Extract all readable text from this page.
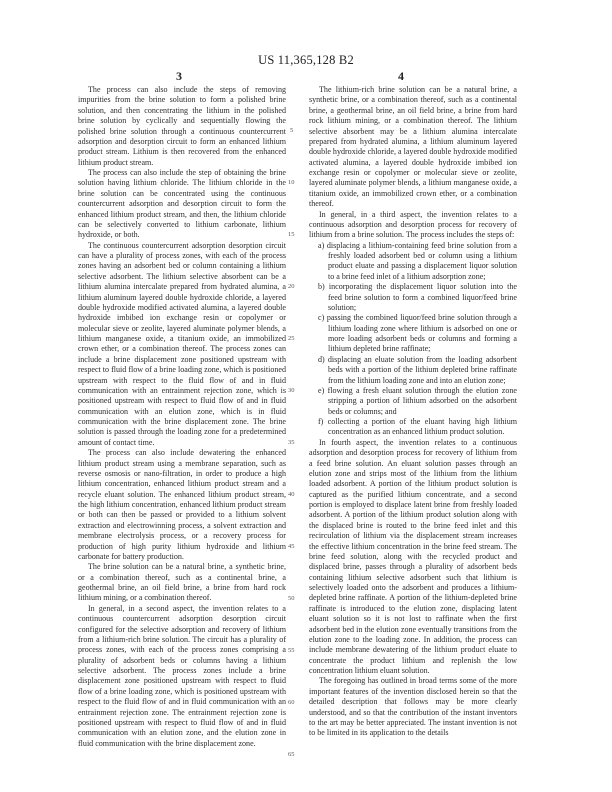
US 11,365,128 B2
3	4

The process can also include the steps of removing impurities from the brine solution to form a polished brine solution, and then concentrating the lithium in the polished brine solution by cyclically and sequentially flowing the polished brine solution through a continuous countercurrent adsorption and desorption circuit to form an enhanced lithium product stream. Lithium is then recovered from the enhanced lithium product stream.

The process can also include the step of obtaining the brine solution having lithium chloride. The lithium chloride in the brine solution can be concentrated using the continuous countercurrent adsorption and desorption circuit to form the enhanced lithium product stream, and then, the lithium chloride can be selectively converted to lithium carbonate, lithium hydroxide, or both.

The continuous countercurrent adsorption desorption circuit can have a plurality of process zones, with each of the process zones having an adsorbent bed or column containing a lithium selective adsorbent. The lithium selective absorbent can be a lithium alumina intercalate prepared from hydrated alumina, a lithium aluminum layered double hydroxide chloride, a layered double hydroxide modified activated alumina, a layered double hydroxide imbibed ion exchange resin or copolymer or molecular sieve or zeolite, layered aluminate polymer blends, a lithium manganese oxide, a titanium oxide, an immobilized crown ether, or a combination thereof. The process zones can include a brine displacement zone positioned upstream with respect to fluid flow of a brine loading zone, which is positioned upstream with respect to the fluid flow of and in fluid communication with an entrainment rejection zone, which is positioned upstream with respect to fluid flow of and in fluid communication with an elution zone, which is in fluid communication with the brine displacement zone. The brine solution is passed through the loading zone for a predetermined amount of contact time.

The process can also include dewatering the enhanced lithium product stream using a membrane separation, such as reverse osmosis or nano-filtration, in order to produce a high lithium concentration, enhanced lithium product stream and a recycle eluant solution. The enhanced lithium product stream, the high lithium concentration, enhanced lithium product stream or both can then be passed or provided to a lithium solvent extraction and electrowinning process, a solvent extraction and membrane electrolysis process, or a recovery process for production of high purity lithium hydroxide and lithium carbonate for battery production.

The brine solution can be a natural brine, a synthetic brine, or a combination thereof, such as a continental brine, a geothermal brine, an oil field brine, a brine from hard rock lithium mining, or a combination thereof.

In general, in a second aspect, the invention relates to a continuous countercurrent adsorption desorption circuit configured for the selective adsorption and recovery of lithium from a lithium-rich brine solution. The circuit has a plurality of process zones, with each of the process zones comprising a plurality of adsorbent beds or columns having a lithium selective adsorbent. The process zones include a brine displacement zone positioned upstream with respect to fluid flow of a brine loading zone, which is positioned upstream with respect to the fluid flow of and in fluid communication with an entrainment rejection zone. The entrainment rejection zone is positioned upstream with respect to fluid flow of and in fluid communication with an elution zone, and the elution zone in fluid communication with the brine displacement zone.

The lithium-rich brine solution can be a natural brine, a synthetic brine, or a combination thereof, such as a continental brine, a geothermal brine, an oil field brine, a brine from hard rock lithium mining, or a combination thereof. The lithium selective absorbent may be a lithium alumina intercalate prepared from hydrated alumina, a lithium aluminum layered double hydroxide chloride, a layered double hydroxide modified activated alumina, a layered double hydroxide imbibed ion exchange resin or copolymer or molecular sieve or zeolite, layered aluminate polymer blends, a lithium manganese oxide, a titanium oxide, an immobilized crown ether, or a combination thereof.

In general, in a third aspect, the invention relates to a continuous adsorption and desorption process for recovery of lithium from a brine solution. The process includes the steps of:

a) displacing a lithium-containing feed brine solution from a freshly loaded adsorbent bed or column using a lithium product eluate and passing a displacement liquor solution to a brine feed inlet of a lithium adsorption zone;
b) incorporating the displacement liquor solution into the feed brine solution to form a combined liquor/feed brine solution;
c) passing the combined liquor/feed brine solution through a lithium loading zone where lithium is adsorbed on one or more loading adsorbent beds or columns and forming a lithium depleted brine raffinate;
d) displacing an eluate solution from the loading adsorbent beds with a portion of the lithium depleted brine raffinate from the lithium loading zone and into an elution zone;
e) flowing a fresh eluant solution through the elution zone stripping a portion of lithium adsorbed on the adsorbent beds or columns; and
f) collecting a portion of the eluant having high lithium concentration as an enhanced lithium product solution.

In fourth aspect, the invention relates to a continuous adsorption and desorption process for recovery of lithium from a feed brine solution. An eluant solution passes through an elution zone and strips most of the lithium from the lithium loaded adsorbent. A portion of the lithium product solution is captured as the purified lithium concentrate, and a second portion is employed to displace latent brine from freshly loaded adsorbent. A portion of the lithium product solution along with the displaced brine is routed to the brine feed inlet and this recirculation of lithium via the displacement stream increases the effective lithium concentration in the brine feed stream. The brine feed solution, along with the recycled product and displaced brine, passes through a plurality of adsorbent beds containing lithium selective adsorbent such that lithium is selectively loaded onto the adsorbent and produces a lithium-depleted brine raffinate. A portion of the lithium-depleted brine raffinate is introduced to the elution zone, displacing latent eluant solution so it is not lost to raffinate when the first adsorbent bed in the elution zone eventually transitions from the elution zone to the loading zone. In addition, the process can include membrane dewatering of the lithium product eluate to concentrate the product lithium and replenish the low concentration lithium eluant solution.

The foregoing has outlined in broad terms some of the more important features of the invention disclosed herein so that the detailed description that follows may be more clearly understood, and so that the contribution of the instant inventors to the art may be better appreciated. The instant invention is not to be limited in its application to the details

5
10
15
20
25
30
35
40
45
50
55
60
65
